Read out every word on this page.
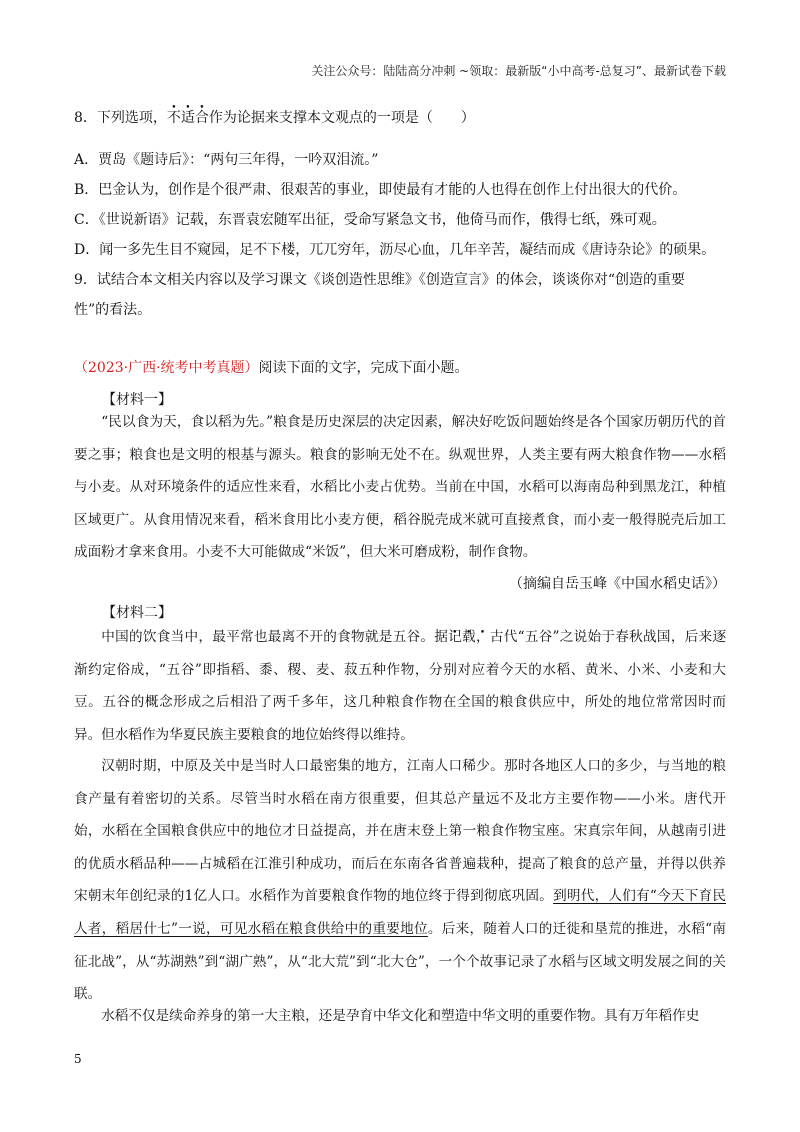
关注公众号：陆陆高分冲刺 ~领取：最新版“小中高考-总复习”、最新试卷下载
8．下列选项，不适合作为论据来支撑本文观点的一项是（　　）
A．贾岛《题诗后》：“两句三年得，一吟双泪流。”
B．巴金认为，创作是个很严肃、很艰苦的事业，即使最有才能的人也得在创作上付出很大的代价。
C．《世说新语》记载，东晋袁宏随军出征，受命写紧急文书，他倚马而作，俄得七纸，殊可观。
D．闻一多先生目不窥园，足不下楼，兀兀穷年，沥尽心血，几年辛苦，凝结而成《唐诗杂论》的硕果。
9．试结合本文相关内容以及学习课文《谈创造性思维》《创造宣言》的体会，谈谈你对“创造的重要
性”的看法。
（2023·广西·统考中考真题）阅读下面的文字，完成下面小题。
【材料一】
“民以食为天，食以稻为先。”粮食是历史深层的决定因素，解决好吃饭问题始终是各个国家历朝历代的首要之事；粮食也是文明的根基与源头。粮食的影响无处不在。纵观世界，人类主要有两大粮食作物——水稻与小麦。从对环境条件的适应性来看，水稻比小麦占优势。当前在中国，水稻可以海南岛种到黑龙江，种植区域更广。从食用情况来看，稻米食用比小麦方便，稻谷脱壳成米就可直接煮食，而小麦一般得脱壳后加工成面粉才拿来食用。小麦不大可能做成“米饭”，但大米可磨成粉，制作食物。
（摘编自岳玉峰《中国水稻史话》）
【材料二】
中国的饮食当中，最平常也最离不开的食物就是五谷。据 •记 •载 •，古代“五谷”之说始于春秋战国，后来逐渐约定俗成，“五谷”即指稻、黍、稷、麦、菽五种作物，分别对应着今天的水稻、黄米、小米、小麦和大豆。五谷的概念形成之后相沿了两千多年，这几种粮食作物在全国的粮食供应中，所处的地位常常因时而异。但水稻作为华夏民族主要粮食的地位始终得以维持。
汉朝时期，中原及关中是当时人口最密集的地方，江南人口稀少。那时各地区人口的多少，与当地的粮食产量有着密切的关系。尽管当时水稻在南方很重要，但其总产量远不及北方主要作物——小米。唐代开始，水稻在全国粮食供应中的地位才日益提高，并在唐末登上第一粮食作物宝座。宋真宗年间，从越南引进的优质水稻品种——占城稻在江淮引种成功，而后在东南各省普遍栽种，提高了粮食的总产量，并得以供养宋朝末年创纪录的1亿人口。水稻作为首要粮食作物的地位终于得到彻底巩固。到明代，人们有“今天下育民人者，稻居什七”一说，可见水稻在粮食供给中的重要地位。后来，随着人口的迁徙和垦荒的推进，水稻“南征北战”，从“苏湖熟”到“湖广熟”，从“北大荒”到“北大仓”，一个个故事记录了水稻与区域文明发展之间的关联。
水稻不仅是续命养身的第一大主粮，还是孕育中华文化和塑造中华文明的重要作物。具有万年稻作史
5
